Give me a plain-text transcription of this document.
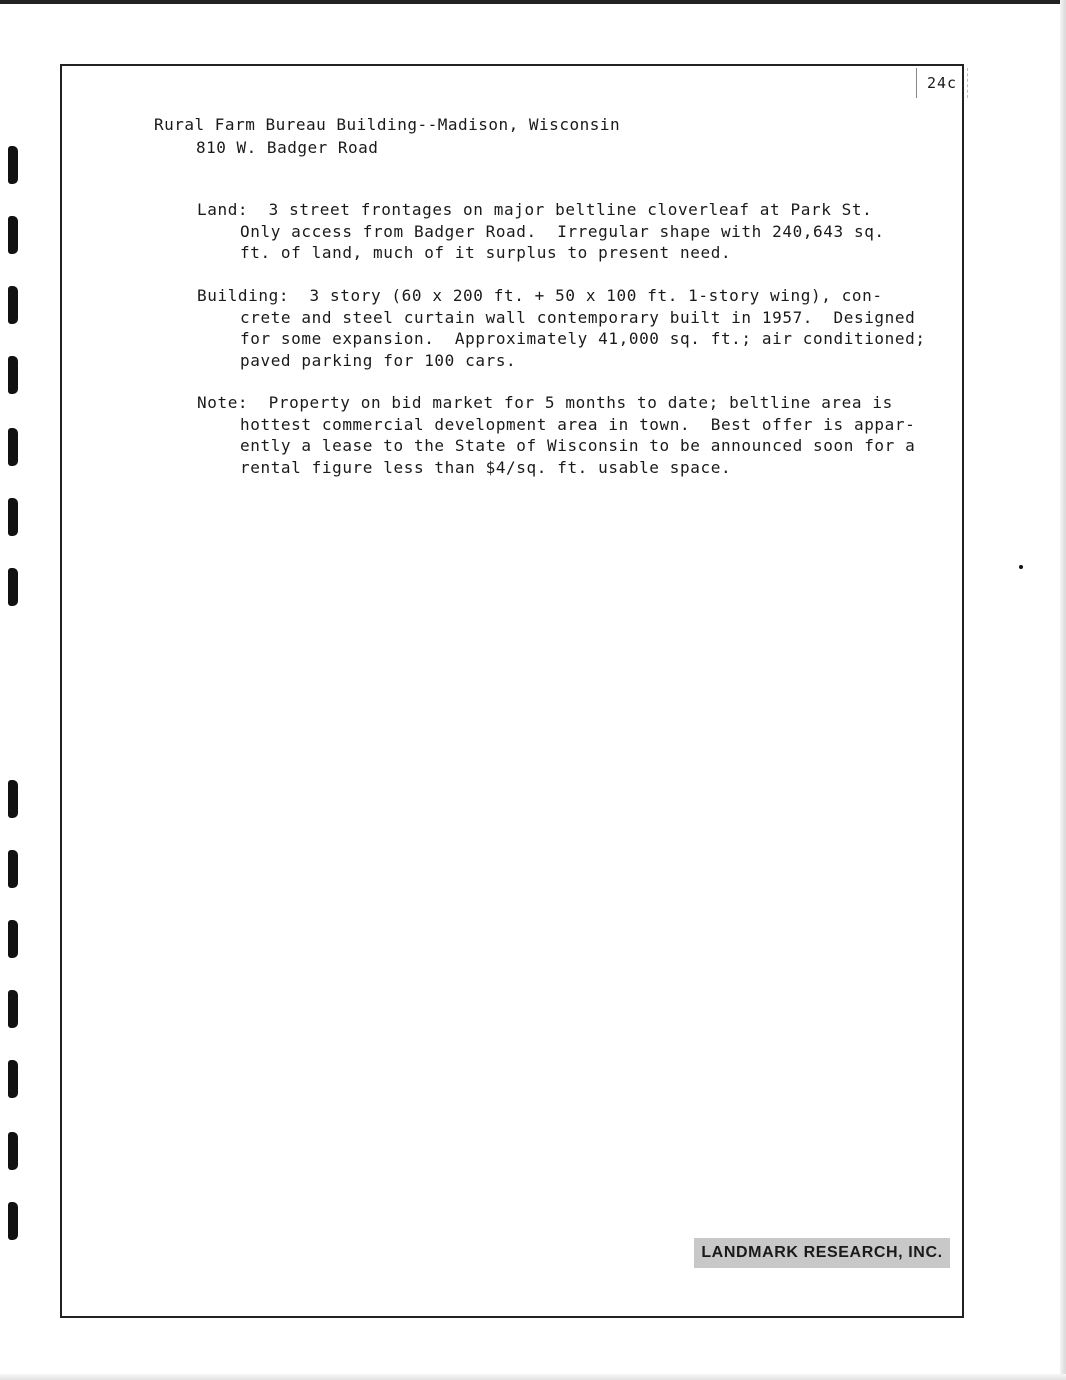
24c
Rural Farm Bureau Building--Madison, Wisconsin
810 W. Badger Road
Land:  3 street frontages on major beltline cloverleaf at Park St.
Only access from Badger Road.  Irregular shape with 240,643 sq.
ft. of land, much of it surplus to present need.
Building:  3 story (60 x 200 ft. + 50 x 100 ft. 1-story wing), con-
crete and steel curtain wall contemporary built in 1957.  Designed
for some expansion.  Approximately 41,000 sq. ft.; air conditioned;
paved parking for 100 cars.
Note:  Property on bid market for 5 months to date; beltline area is
hottest commercial development area in town.  Best offer is appar-
ently a lease to the State of Wisconsin to be announced soon for a
rental figure less than $4/sq. ft. usable space.
LANDMARK RESEARCH, INC.
